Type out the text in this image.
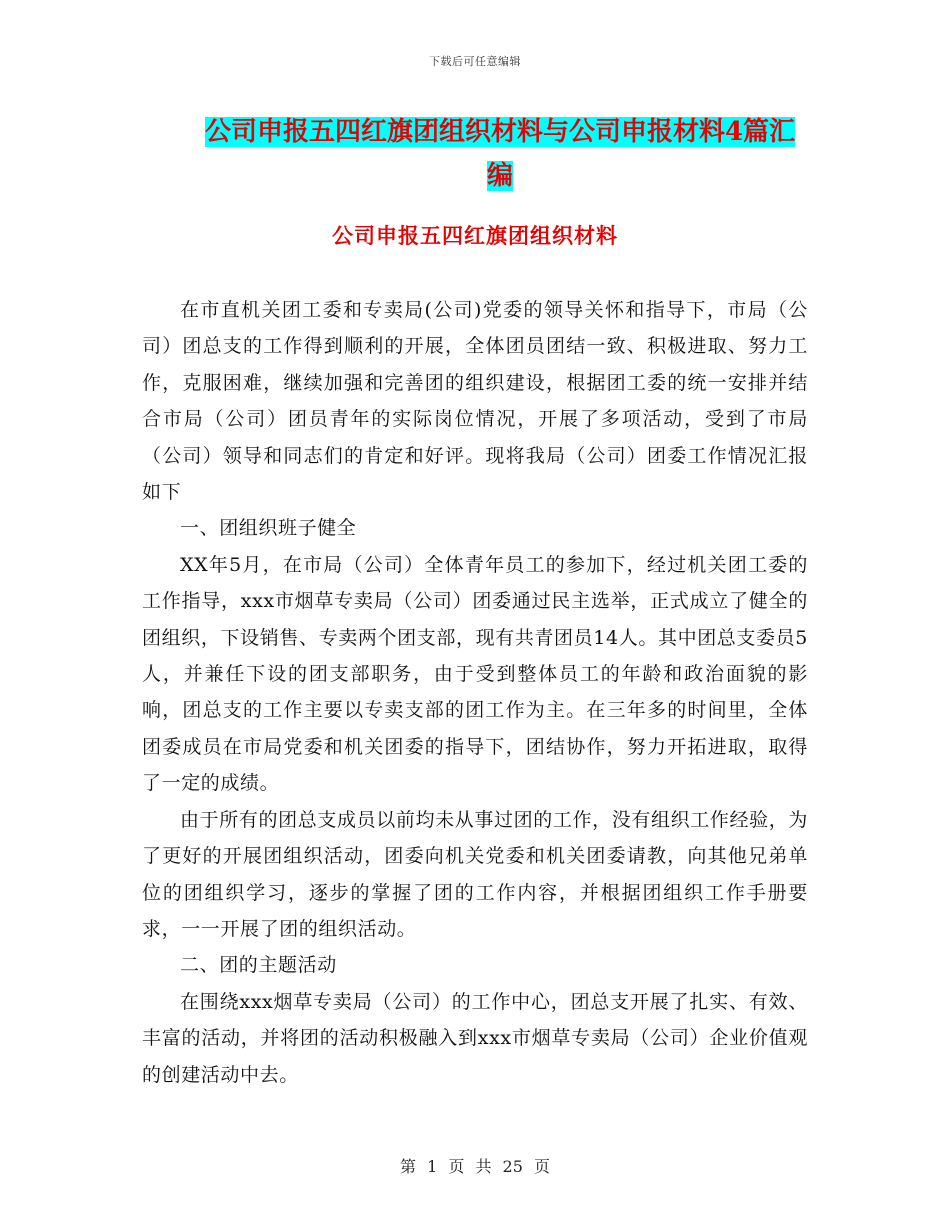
下载后可任意编辑
公司申报五四红旗团组织材料与公司申报材料4篇汇编
公司申报五四红旗团组织材料

在市直机关团工委和专卖局(公司)党委的领导关怀和指导下，市局（公司）团总支的工作得到顺利的开展，全体团员团结一致、积极进取、努力工作，克服困难，继续加强和完善团的组织建设，根据团工委的统一安排并结合市局（公司）团员青年的实际岗位情况，开展了多项活动，受到了市局（公司）领导和同志们的肯定和好评。现将我局（公司）团委工作情况汇报如下

一、团组织班子健全

XX年5月，在市局（公司）全体青年员工的参加下，经过机关团工委的工作指导，xxx市烟草专卖局（公司）团委通过民主选举，正式成立了健全的团组织，下设销售、专卖两个团支部，现有共青团员14人。其中团总支委员5人，并兼任下设的团支部职务，由于受到整体员工的年龄和政治面貌的影响，团总支的工作主要以专卖支部的团工作为主。在三年多的时间里，全体团委成员在市局党委和机关团委的指导下，团结协作，努力开拓进取，取得了一定的成绩。

由于所有的团总支成员以前均未从事过团的工作，没有组织工作经验，为了更好的开展团组织活动，团委向机关党委和机关团委请教，向其他兄弟单位的团组织学习，逐步的掌握了团的工作内容，并根据团组织工作手册要求，一一开展了团的组织活动。

二、团的主题活动

在围绕xxx烟草专卖局（公司）的工作中心，团总支开展了扎实、有效、丰富的活动，并将团的活动积极融入到xxx市烟草专卖局（公司）企业价值观的创建活动中去。

第 1 页 共 25 页
